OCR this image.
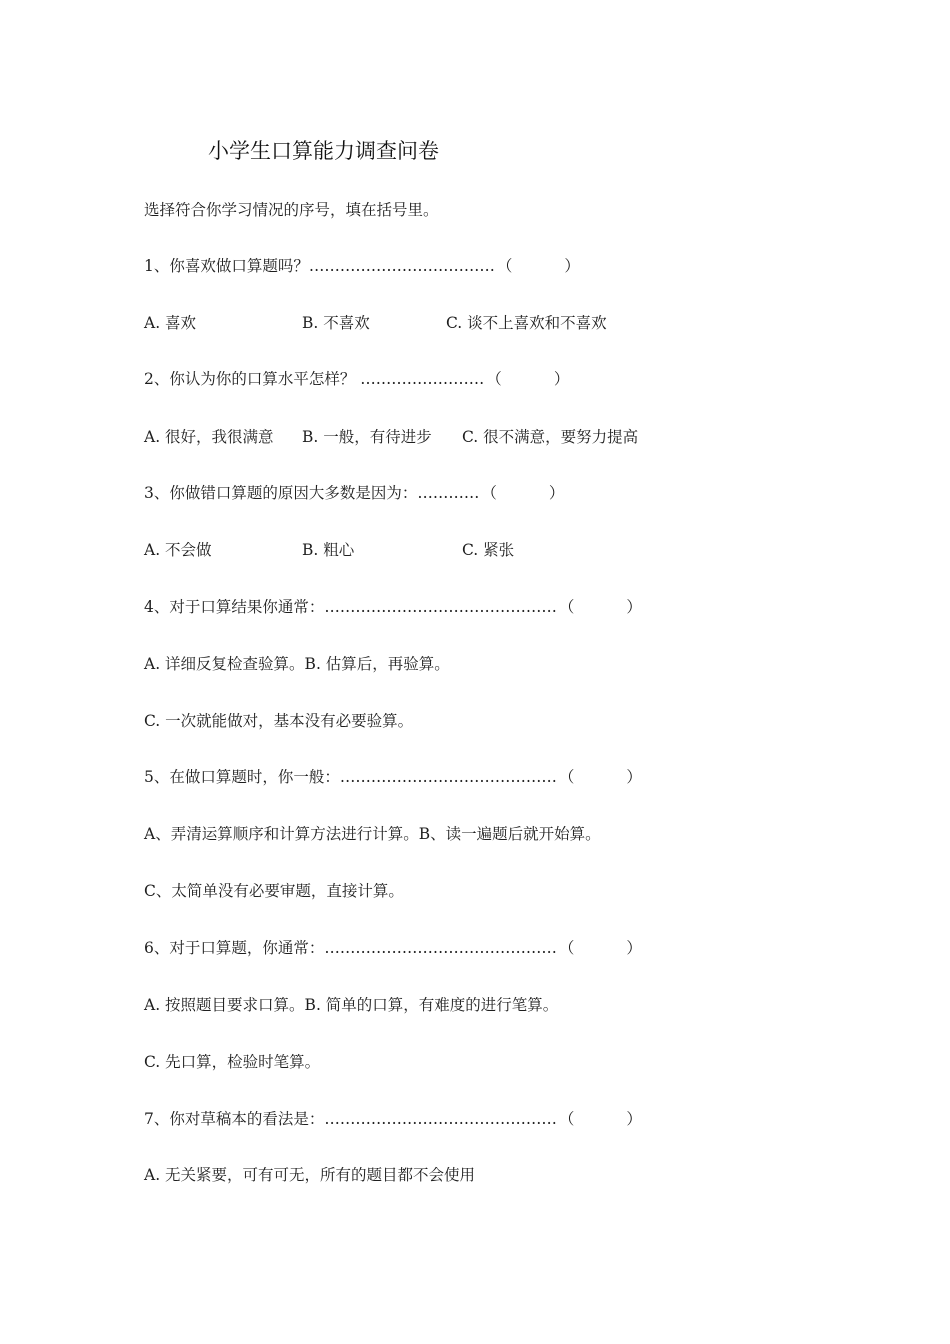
小学生口算能力调查问卷
选择符合你学习情况的序号，填在括号里。
1、你喜欢做口算题吗？……………………………… （	）
A. 喜欢	B. 不喜欢	C. 谈不上喜欢和不喜欢
2、你认为你的口算水平怎样？ …………………… （	）
A. 很好，我很满意 B. 一般，有待进步 C. 很不满意，要努力提高
3、你做错口算题的原因大多数是因为：………… （	）
A. 不会做	B. 粗心	C. 紧张
4、对于口算结果你通常：……………………………………… （	）
A. 详细反复检查验算。B. 估算后，再验算。
C. 一次就能做对，基本没有必要验算。
5、在做口算题时，你一般：…………………………………… （	）
A、弄清运算顺序和计算方法进行计算。B、读一遍题后就开始算。
C、太简单没有必要审题，直接计算。
6、对于口算题，你通常：……………………………………… （	）
A. 按照题目要求口算。B. 简单的口算，有难度的进行笔算。
C. 先口算，检验时笔算。
7、你对草稿本的看法是：……………………………………… （	）
A. 无关紧要，可有可无，所有的题目都不会使用
